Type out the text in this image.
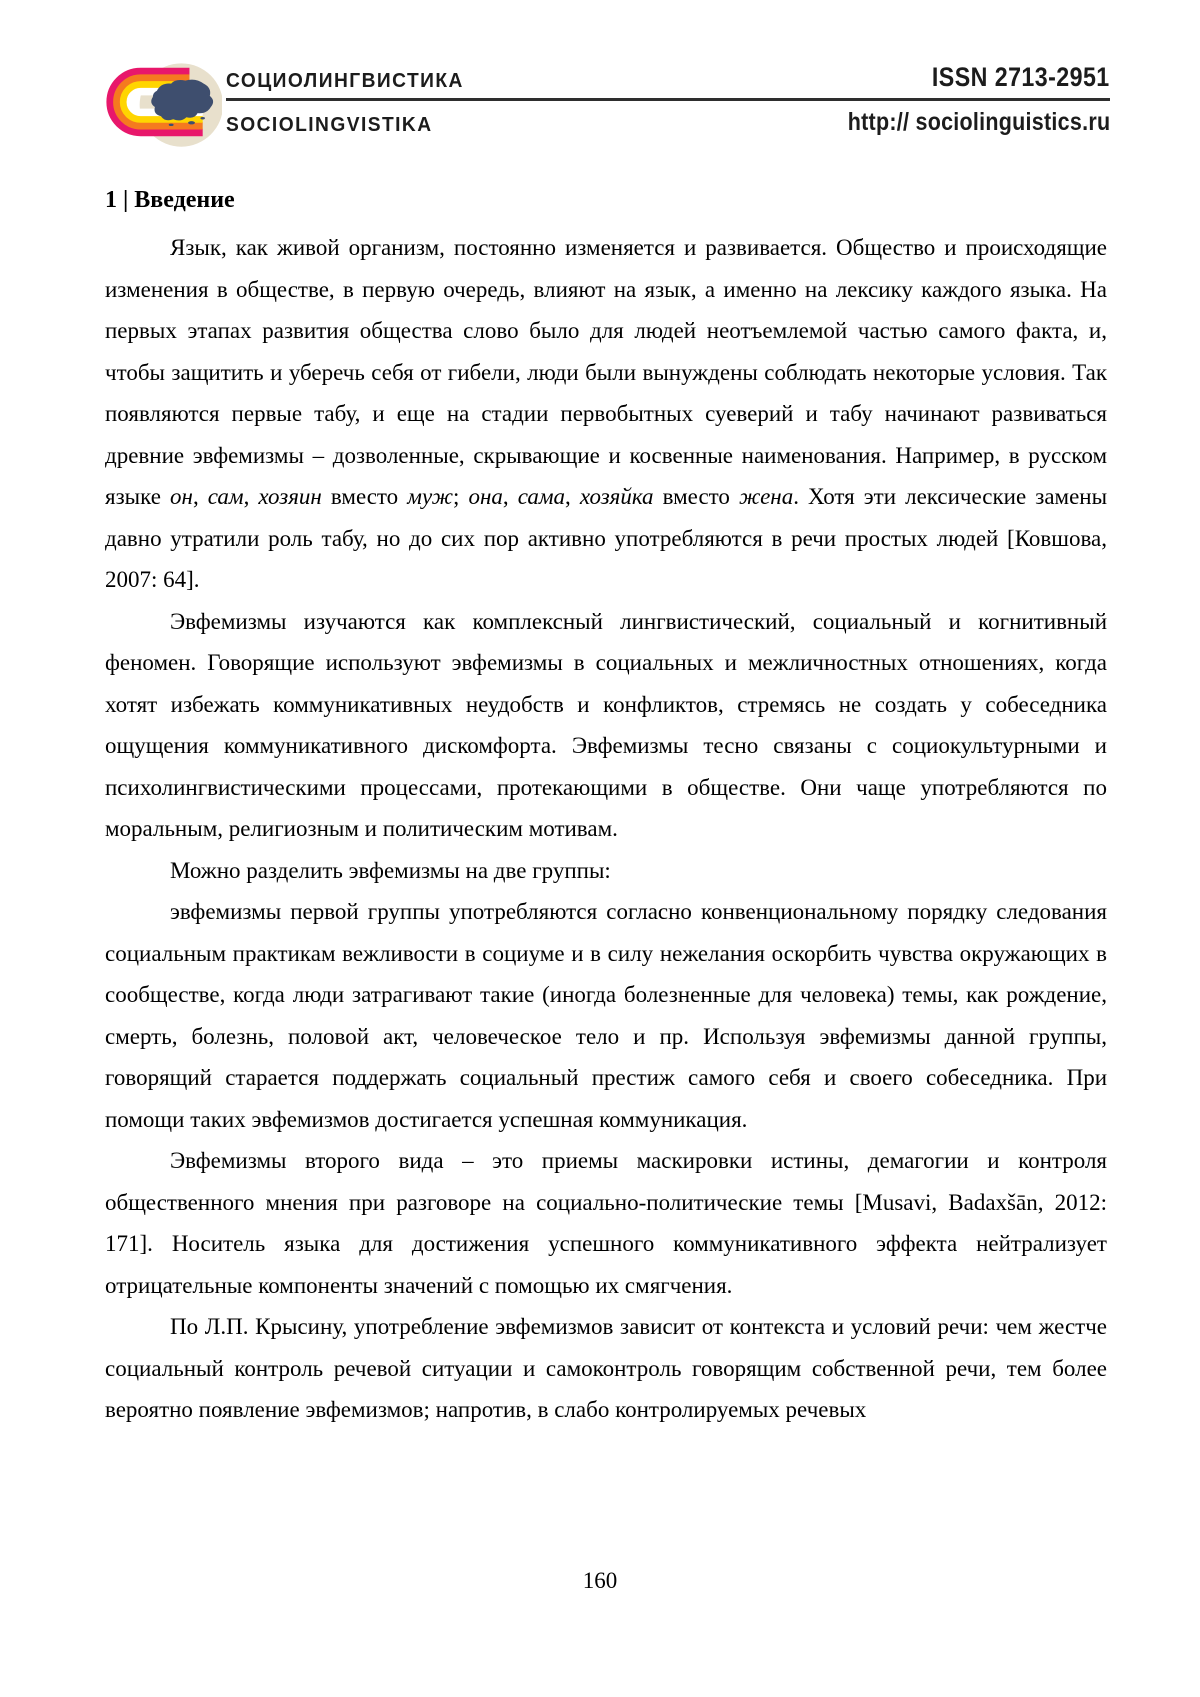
СОЦИОЛИНГВИСТИКА	ISSN 2713-2951
SOCIOLINGVISTIKA	http:// sociolinguistics.ru
1 | Введение

Язык, как живой организм, постоянно изменяется и развивается. Общество и происходящие изменения в обществе, в первую очередь, влияют на язык, а именно на лексику каждого языка. На первых этапах развития общества слово было для людей неотъемлемой частью самого факта, и, чтобы защитить и уберечь себя от гибели, люди были вынуждены соблюдать некоторые условия. Так появляются первые табу, и еще на стадии первобытных суеверий и табу начинают развиваться древние эвфемизмы – дозволенные, скрывающие и косвенные наименования. Например, в русском языке он, сам, хозяин вместо муж; она, сама, хозяйка вместо жена. Хотя эти лексические замены давно утратили роль табу, но до сих пор активно употребляются в речи простых людей [Ковшова, 2007: 64].

Эвфемизмы изучаются как комплексный лингвистический, социальный и когнитивный феномен. Говорящие используют эвфемизмы в социальных и межличностных отношениях, когда хотят избежать коммуникативных неудобств и конфликтов, стремясь не создать у собеседника ощущения коммуникативного дискомфорта. Эвфемизмы тесно связаны с социокультурными и психолингвистическими процессами, протекающими в обществе. Они чаще употребляются по моральным, религиозным и политическим мотивам.

Можно разделить эвфемизмы на две группы:

эвфемизмы первой группы употребляются согласно конвенциональному порядку следования социальным практикам вежливости в социуме и в силу нежелания оскорбить чувства окружающих в сообществе, когда люди затрагивают такие (иногда болезненные для человека) темы, как рождение, смерть, болезнь, половой акт, человеческое тело и пр. Используя эвфемизмы данной группы, говорящий старается поддержать социальный престиж самого себя и своего собеседника. При помощи таких эвфемизмов достигается успешная коммуникация.

Эвфемизмы второго вида – это приемы маскировки истины, демагогии и контроля общественного мнения при разговоре на социально-политические темы [Musavi, Badaxšān, 2012: 171]. Носитель языка для достижения успешного коммуникативного эффекта нейтрализует отрицательные компоненты значений с помощью их смягчения.

По Л.П. Крысину, употребление эвфемизмов зависит от контекста и условий речи: чем жестче социальный контроль речевой ситуации и самоконтроль говорящим собственной речи, тем более вероятно появление эвфемизмов; напротив, в слабо контролируемых речевых

160
